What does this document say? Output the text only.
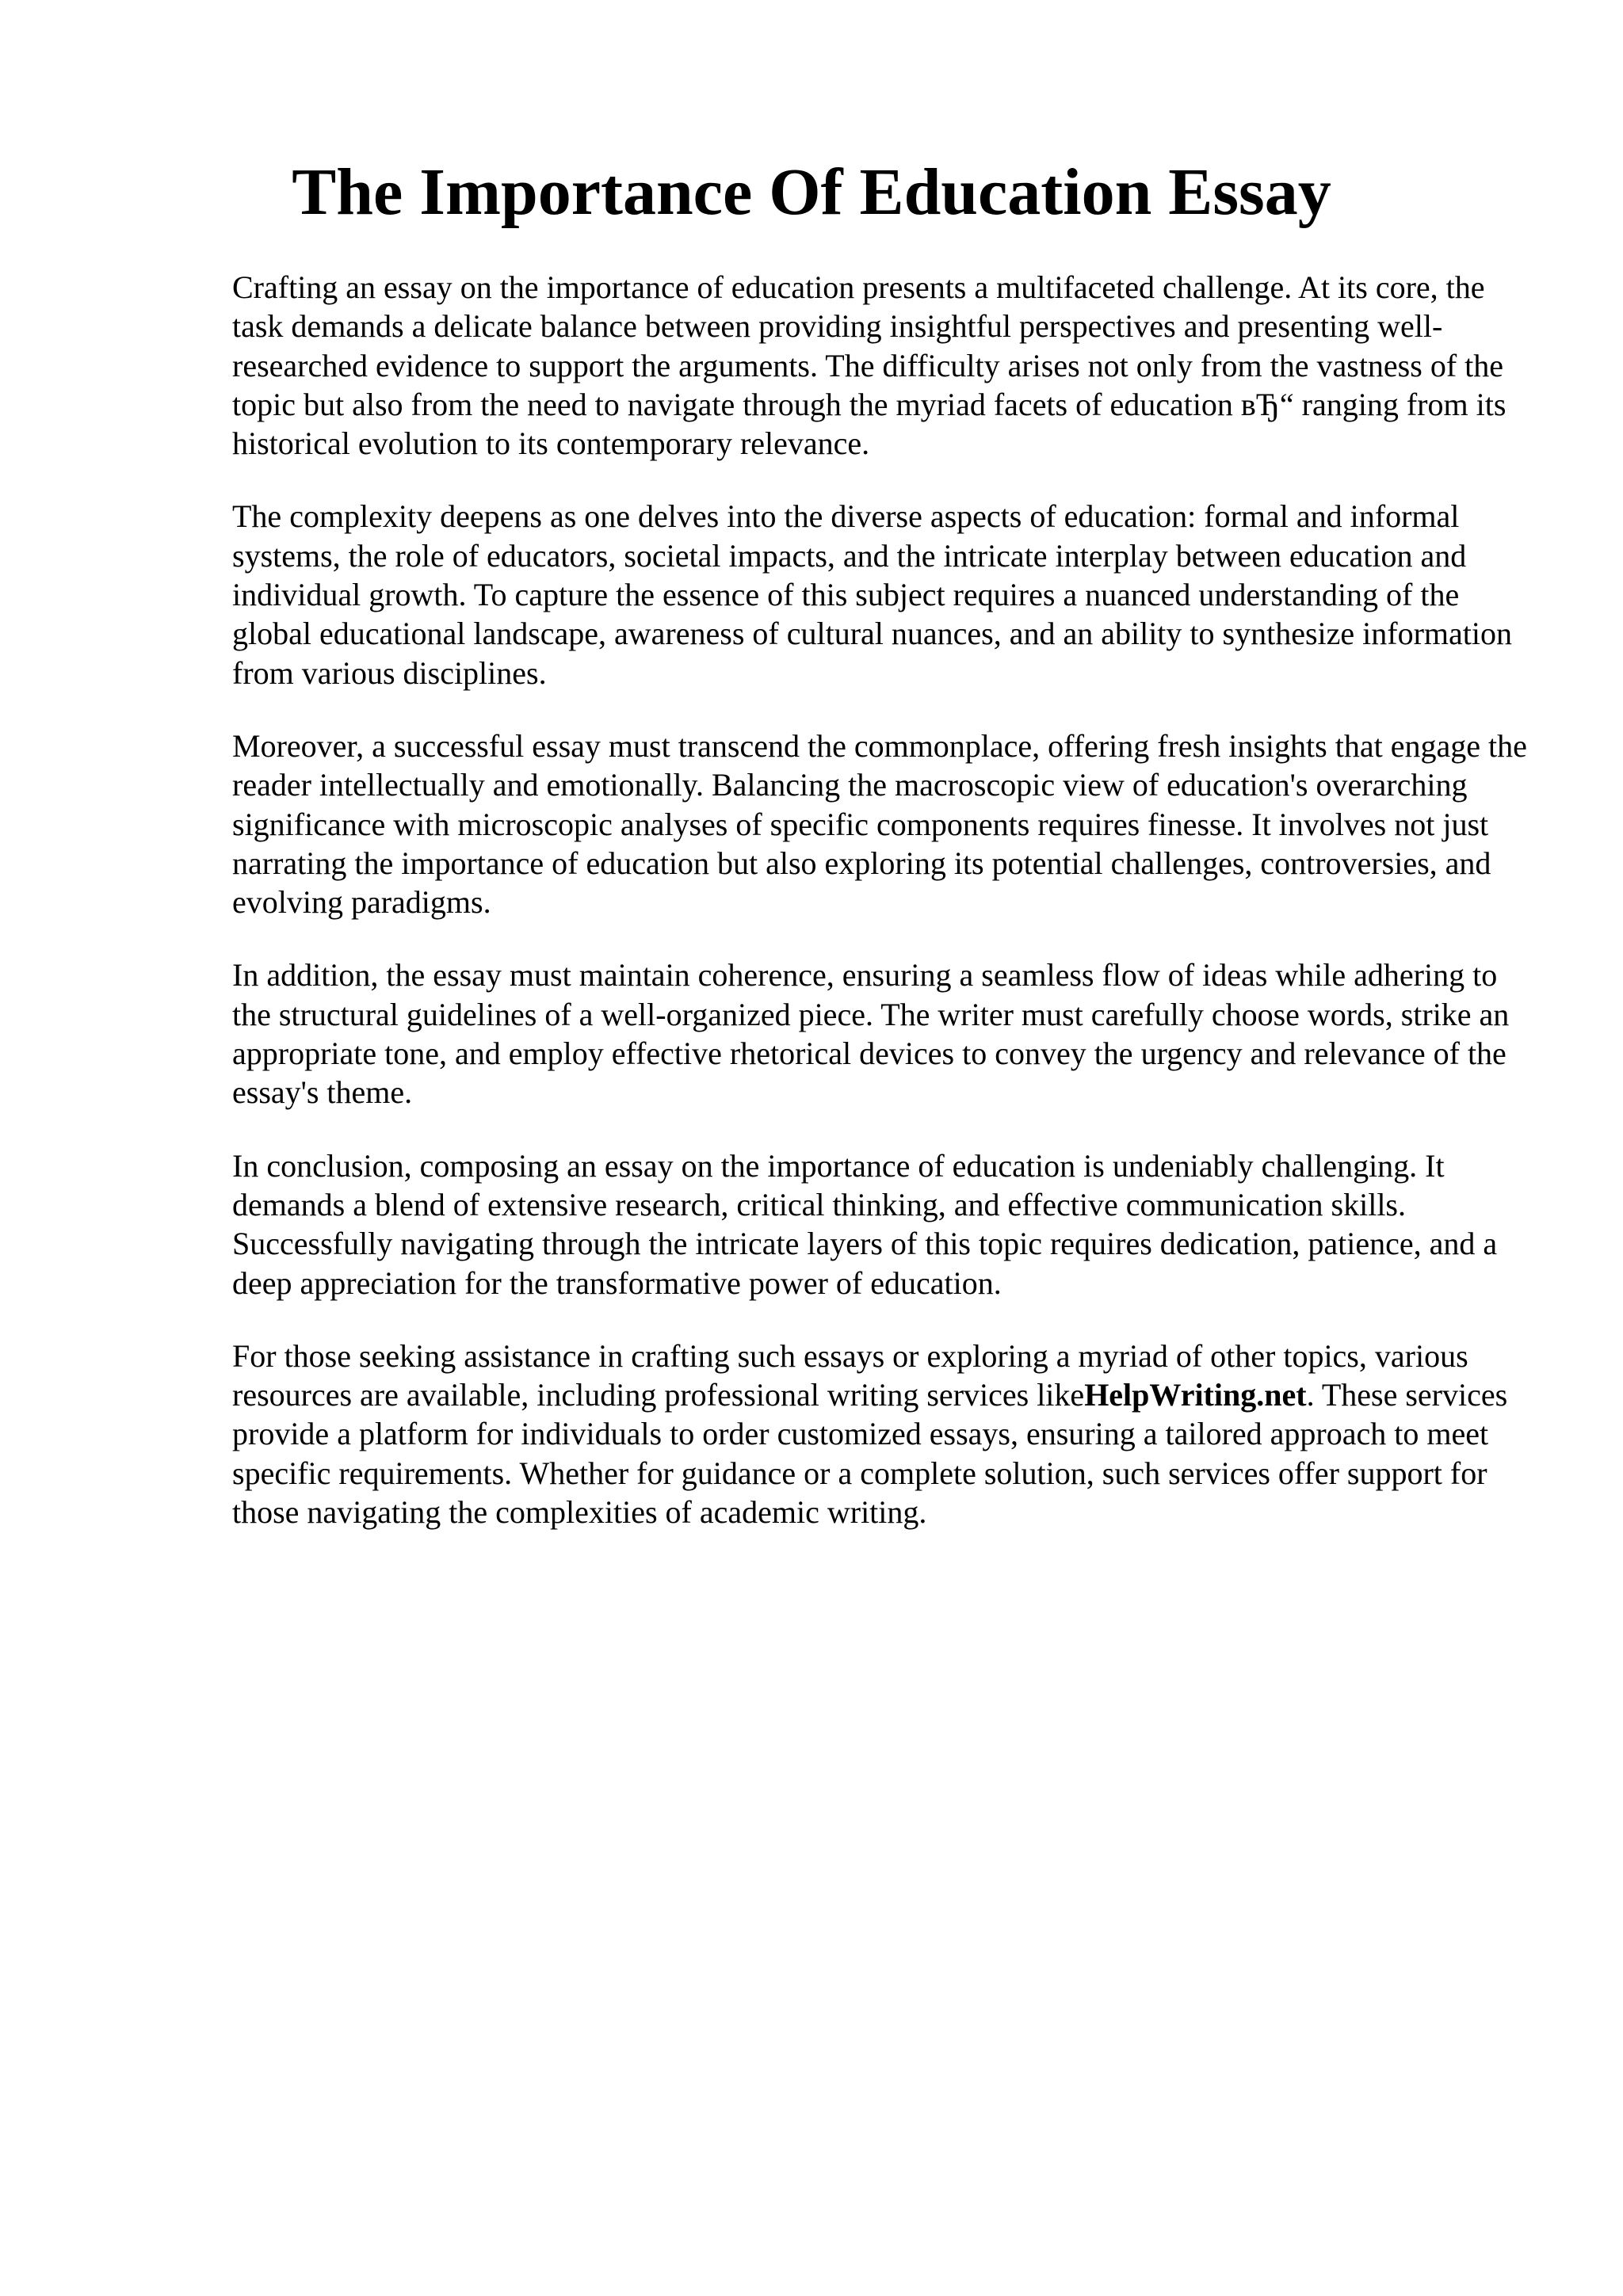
The Importance Of Education Essay

Crafting an essay on the importance of education presents a multifaceted challenge. At its core, the task demands a delicate balance between providing insightful perspectives and presenting well-researched evidence to support the arguments. The difficulty arises not only from the vastness of the topic but also from the need to navigate through the myriad facets of education вЂ“ ranging from its historical evolution to its contemporary relevance.

The complexity deepens as one delves into the diverse aspects of education: formal and informal systems, the role of educators, societal impacts, and the intricate interplay between education and individual growth. To capture the essence of this subject requires a nuanced understanding of the global educational landscape, awareness of cultural nuances, and an ability to synthesize information from various disciplines.

Moreover, a successful essay must transcend the commonplace, offering fresh insights that engage the reader intellectually and emotionally. Balancing the macroscopic view of education's overarching significance with microscopic analyses of specific components requires finesse. It involves not just narrating the importance of education but also exploring its potential challenges, controversies, and evolving paradigms.

In addition, the essay must maintain coherence, ensuring a seamless flow of ideas while adhering to the structural guidelines of a well-organized piece. The writer must carefully choose words, strike an appropriate tone, and employ effective rhetorical devices to convey the urgency and relevance of the essay's theme.

In conclusion, composing an essay on the importance of education is undeniably challenging. It demands a blend of extensive research, critical thinking, and effective communication skills. Successfully navigating through the intricate layers of this topic requires dedication, patience, and a deep appreciation for the transformative power of education.

For those seeking assistance in crafting such essays or exploring a myriad of other topics, various resources are available, including professional writing services likeHelpWriting.net. These services provide a platform for individuals to order customized essays, ensuring a tailored approach to meet specific requirements. Whether for guidance or a complete solution, such services offer support for those navigating the complexities of academic writing.
